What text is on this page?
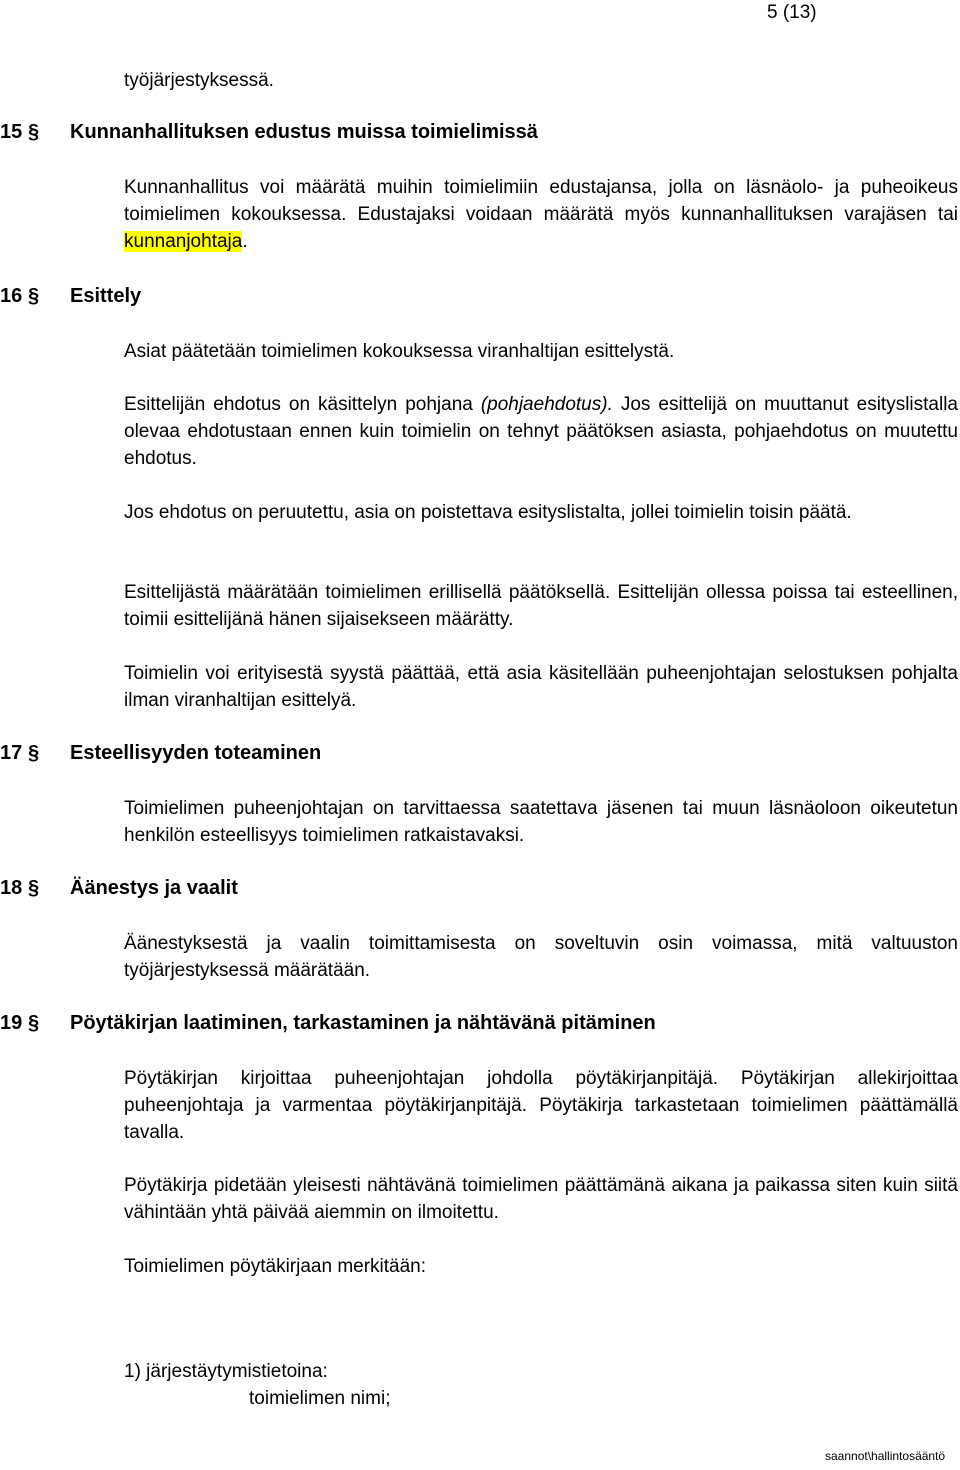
5 (13)
työjärjestyksessä.
15 § Kunnanhallituksen edustus muissa toimielimissä

Kunnanhallitus voi määrätä muihin toimielimiin edustajansa, jolla on läsnäolo- ja puheoikeus toimielimen kokouksessa. Edustajaksi voidaan määrätä myös kunnanhallituksen varajäsen tai kunnanjohtaja.

16 § Esittely

Asiat päätetään toimielimen kokouksessa viranhaltijan esittelystä.

Esittelijän ehdotus on käsittelyn pohjana (pohjaehdotus). Jos esittelijä on muuttanut esityslistalla olevaa ehdotustaan ennen kuin toimielin on tehnyt päätöksen asiasta, pohjaehdotus on muutettu ehdotus.

Jos ehdotus on peruutettu, asia on poistettava esityslistalta, jollei toimielin toisin päätä.

Esittelijästä määrätään toimielimen erillisellä päätöksellä. Esittelijän ollessa poissa tai esteellinen, toimii esittelijänä hänen sijaisekseen määrätty.

Toimielin voi erityisestä syystä päättää, että asia käsitellään puheenjohtajan selostuksen pohjalta ilman viranhaltijan esittelyä.

17 § Esteellisyyden toteaminen

Toimielimen puheenjohtajan on tarvittaessa saatettava jäsenen tai muun läsnäoloon oikeutetun henkilön esteellisyys toimielimen ratkaistavaksi.

18 § Äänestys ja vaalit

Äänestyksestä ja vaalin toimittamisesta on soveltuvin osin voimassa, mitä valtuuston työjärjestyksessä määrätään.

19 § Pöytäkirjan laatiminen, tarkastaminen ja nähtävänä pitäminen

Pöytäkirjan kirjoittaa puheenjohtajan johdolla pöytäkirjanpitäjä. Pöytäkirjan allekirjoittaa puheenjohtaja ja varmentaa pöytäkirjanpitäjä. Pöytäkirja tarkastetaan toimielimen päättämällä tavalla.

Pöytäkirja pidetään yleisesti nähtävänä toimielimen päättämänä aikana ja paikassa siten kuin siitä vähintään yhtä päivää aiemmin on ilmoitettu.

Toimielimen pöytäkirjaan merkitään:

1) järjestäytymistietoina:
toimielimen nimi;
saannot\hallintosääntö
